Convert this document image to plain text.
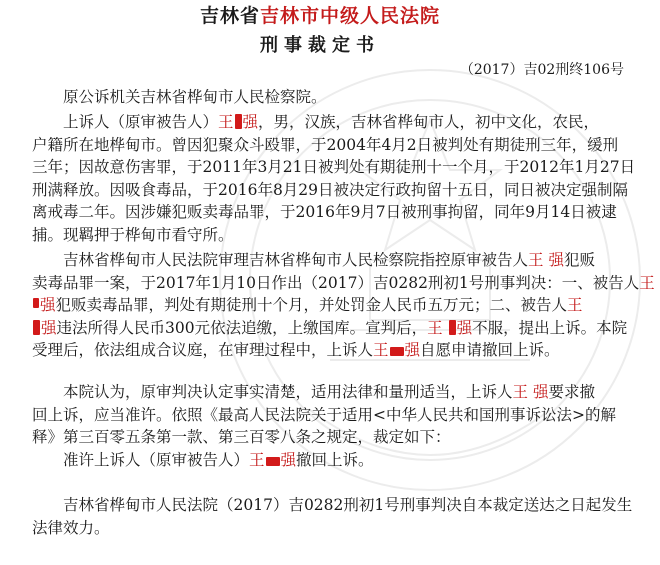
吉林省吉林市中级人民法院
刑事裁定书
（2017）吉02刑终106号
原公诉机关吉林省桦甸市人民检察院。
上诉人（原审被告人）王 强，男，汉族，吉林省桦甸市人，初中文化，农民，
户籍所在地桦甸市。曾因犯聚众斗殴罪，于2004年4月2日被判处有期徒刑三年，缓刑
三年；因故意伤害罪，于2011年3月21日被判处有期徒刑十一个月，于2012年1月27日
刑满释放。因吸食毒品，于2016年8月29日被决定行政拘留十五日，同日被决定强制隔
离戒毒二年。因涉嫌犯贩卖毒品罪，于2016年9月7日被刑事拘留，同年9月14日被逮
捕。现羁押于桦甸市看守所。
吉林省桦甸市人民法院审理吉林省桦甸市人民检察院指控原审被告人王 强犯贩
卖毒品罪一案，于2017年1月10日作出（2017）吉0282刑初1号刑事判决：一、被告人王
强犯贩卖毒品罪，判处有期徒刑十个月，并处罚金人民币五万元；二、被告人王
强违法所得人民币300元依法追缴，上缴国库。宣判后，王 强不服，提出上诉。本院
受理后，依法组成合议庭，在审理过程中，上诉人王 强自愿申请撤回上诉。
本院认为，原审判决认定事实清楚，适用法律和量刑适当，上诉人王 强要求撤
回上诉，应当准许。依照《最高人民法院关于适用<中华人民共和国刑事诉讼法>的解
释》第三百零五条第一款、第三百零八条之规定，裁定如下：
准许上诉人（原审被告人）王 强撤回上诉。
吉林省桦甸市人民法院（2017）吉0282刑初1号刑事判决自本裁定送达之日起发生
法律效力。
